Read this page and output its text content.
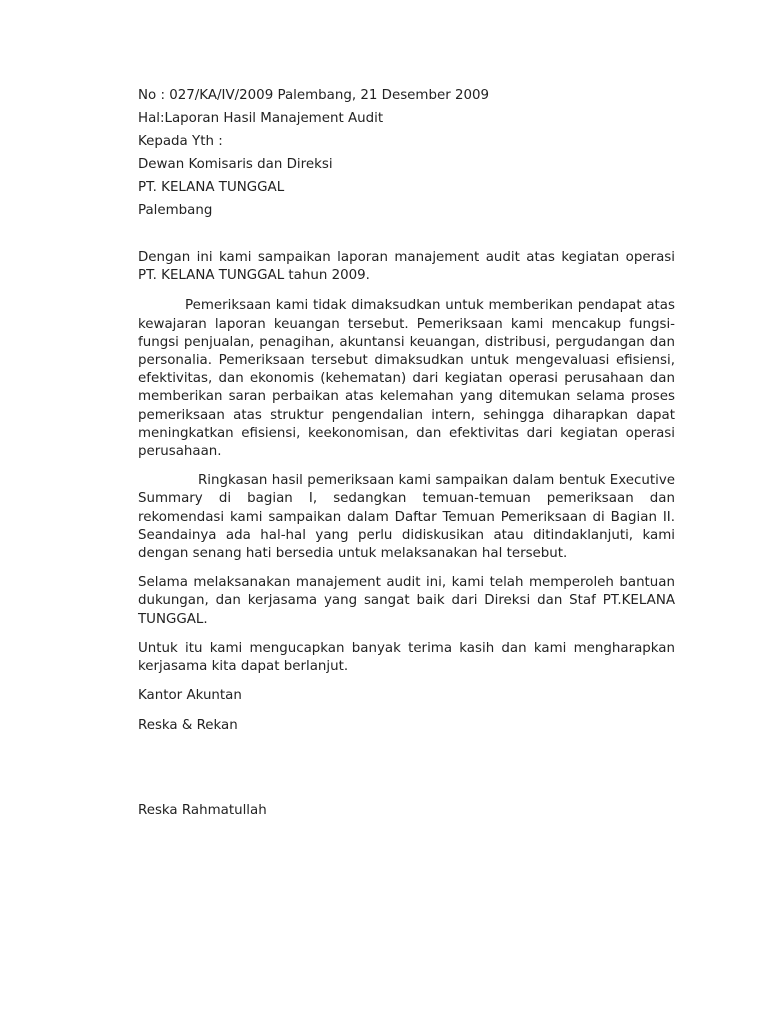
No : 027/KA/IV/2009 Palembang, 21 Desember 2009

Hal:Laporan Hasil Manajement Audit

Kepada Yth :

Dewan Komisaris dan Direksi

PT. KELANA TUNGGAL

Palembang

Dengan ini kami sampaikan laporan manajement audit atas kegiatan operasi PT. KELANA TUNGGAL tahun 2009.

Pemeriksaan kami tidak dimaksudkan untuk memberikan pendapat atas kewajaran laporan keuangan tersebut. Pemeriksaan kami mencakup fungsi-fungsi penjualan, penagihan, akuntansi keuangan, distribusi, pergudangan dan personalia. Pemeriksaan tersebut dimaksudkan untuk mengevaluasi efisiensi, efektivitas, dan ekonomis (kehematan) dari kegiatan operasi perusahaan dan memberikan saran perbaikan atas kelemahan yang ditemukan selama proses pemeriksaan atas struktur pengendalian intern, sehingga diharapkan dapat meningkatkan efisiensi, keekonomisan, dan efektivitas dari kegiatan operasi perusahaan.

Ringkasan hasil pemeriksaan kami sampaikan dalam bentuk Executive Summary di bagian I, sedangkan temuan-temuan pemeriksaan dan rekomendasi kami sampaikan dalam Daftar Temuan Pemeriksaan di Bagian II. Seandainya ada hal-hal yang perlu didiskusikan atau ditindaklanjuti, kami dengan senang hati bersedia untuk melaksanakan hal tersebut.

Selama melaksanakan manajement audit ini, kami telah memperoleh bantuan dukungan, dan kerjasama yang sangat baik dari Direksi dan Staf PT.KELANA TUNGGAL.

Untuk itu kami mengucapkan banyak terima kasih dan kami mengharapkan kerjasama kita dapat berlanjut.

Kantor Akuntan

Reska & Rekan

Reska Rahmatullah
